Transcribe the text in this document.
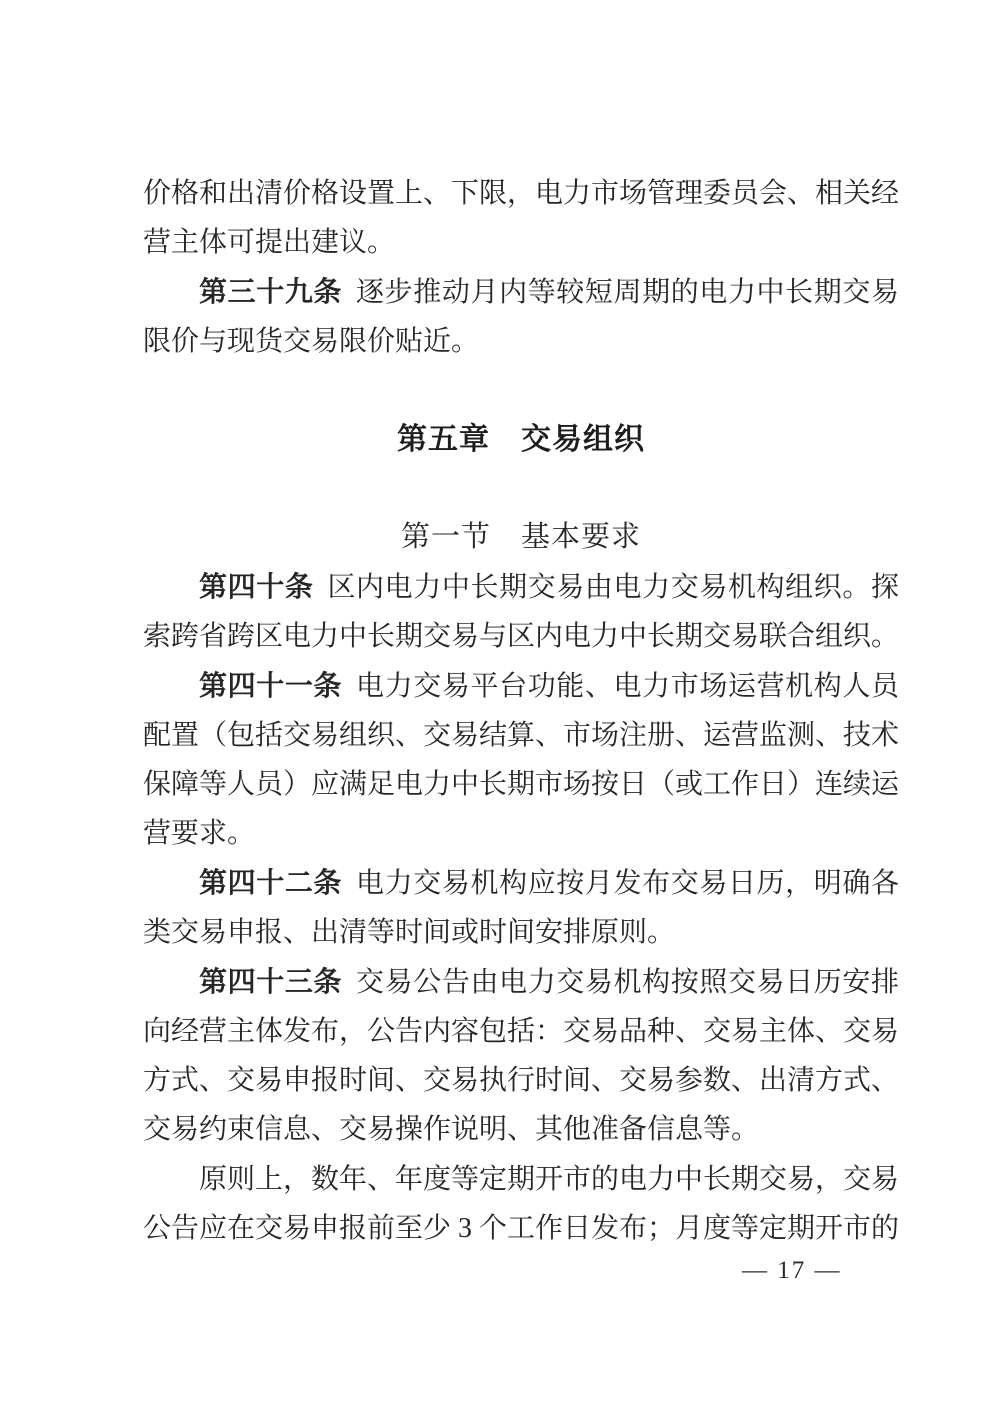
价格和出清价格设置上、下限，电力市场管理委员会、相关经营主体可提出建议。

第三十九条 逐步推动月内等较短周期的电力中长期交易限价与现货交易限价贴近。

第五章　交易组织
第一节　基本要求

第四十条 区内电力中长期交易由电力交易机构组织。探索跨省跨区电力中长期交易与区内电力中长期交易联合组织。

第四十一条 电力交易平台功能、电力市场运营机构人员配置（包括交易组织、交易结算、市场注册、运营监测、技术保障等人员）应满足电力中长期市场按日（或工作日）连续运营要求。

第四十二条 电力交易机构应按月发布交易日历，明确各类交易申报、出清等时间或时间安排原则。

第四十三条 交易公告由电力交易机构按照交易日历安排向经营主体发布，公告内容包括：交易品种、交易主体、交易方式、交易申报时间、交易执行时间、交易参数、出清方式、交易约束信息、交易操作说明、其他准备信息等。

原则上，数年、年度等定期开市的电力中长期交易，交易公告应在交易申报前至少 3 个工作日发布；月度等定期开市的

— 17 —
